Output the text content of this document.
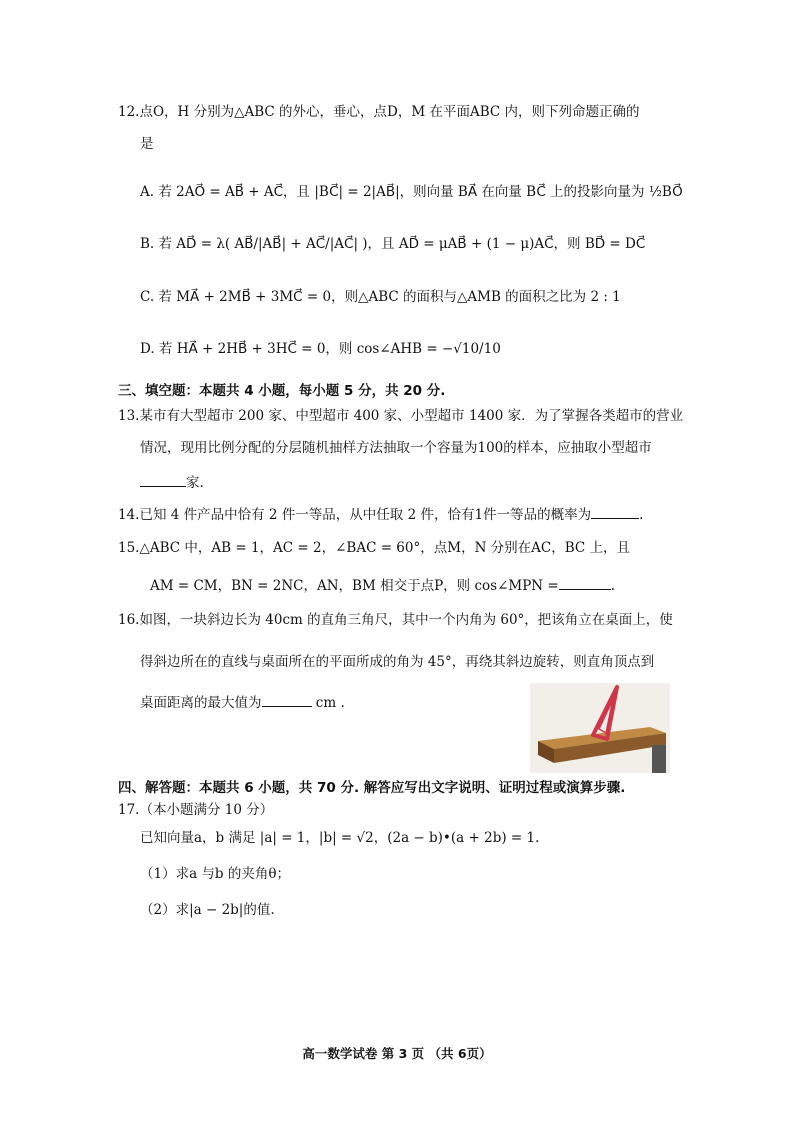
12.点O，H 分别为△ABC 的外心，垂心，点D，M 在平面ABC 内，则下列命题正确的
是
A. 若 2AO⃗ = AB⃗ + AC⃗，且 |BC⃗| = 2|AB⃗|，则向量 BA⃗ 在向量 BC⃗ 上的投影向量为 ½BO⃗
B. 若 AD⃗ = λ( AB⃗/|AB⃗| + AC⃗/|AC⃗| )，且 AD⃗ = μAB⃗ + (1 − μ)AC⃗，则 BD⃗ = DC⃗
C. 若 MA⃗ + 2MB⃗ + 3MC⃗ = 0，则△ABC 的面积与△AMB 的面积之比为 2 : 1
D. 若 HA⃗ + 2HB⃗ + 3HC⃗ = 0，则 cos∠AHB = −√10/10
三、填空题：本题共 4 小题，每小题 5 分，共 20 分.
13.某市有大型超市 200 家、中型超市 400 家、小型超市 1400 家．为了掌握各类超市的营业
情况，现用比例分配的分层随机抽样方法抽取一个容量为100的样本，应抽取小型超市
家.
14.已知 4 件产品中恰有 2 件一等品，从中任取 2 件，恰有1件一等品的概率为	.
15.△ABC 中，AB = 1，AC = 2，∠BAC = 60°，点M，N 分别在AC，BC 上，且
AM = CM，BN = 2NC，AN，BM 相交于点P，则 cos∠MPN =	.
16.如图，一块斜边长为 40cm 的直角三角尺，其中一个内角为 60°，把该角立在桌面上，使
得斜边所在的直线与桌面所在的平面所成的角为 45°，再绕其斜边旋转，则直角顶点到
桌面距离的最大值为	cm .
四、解答题：本题共 6 小题，共 70 分. 解答应写出文字说明、证明过程或演算步骤.
17.（本小题满分 10 分）
已知向量a，b 满足 |a| = 1，|b| = √2，(2a − b)•(a + 2b) = 1.
（1）求a 与b 的夹角θ；
（2）求|a − 2b|的值.
高一数学试卷 第 3 页 （共 6页）
